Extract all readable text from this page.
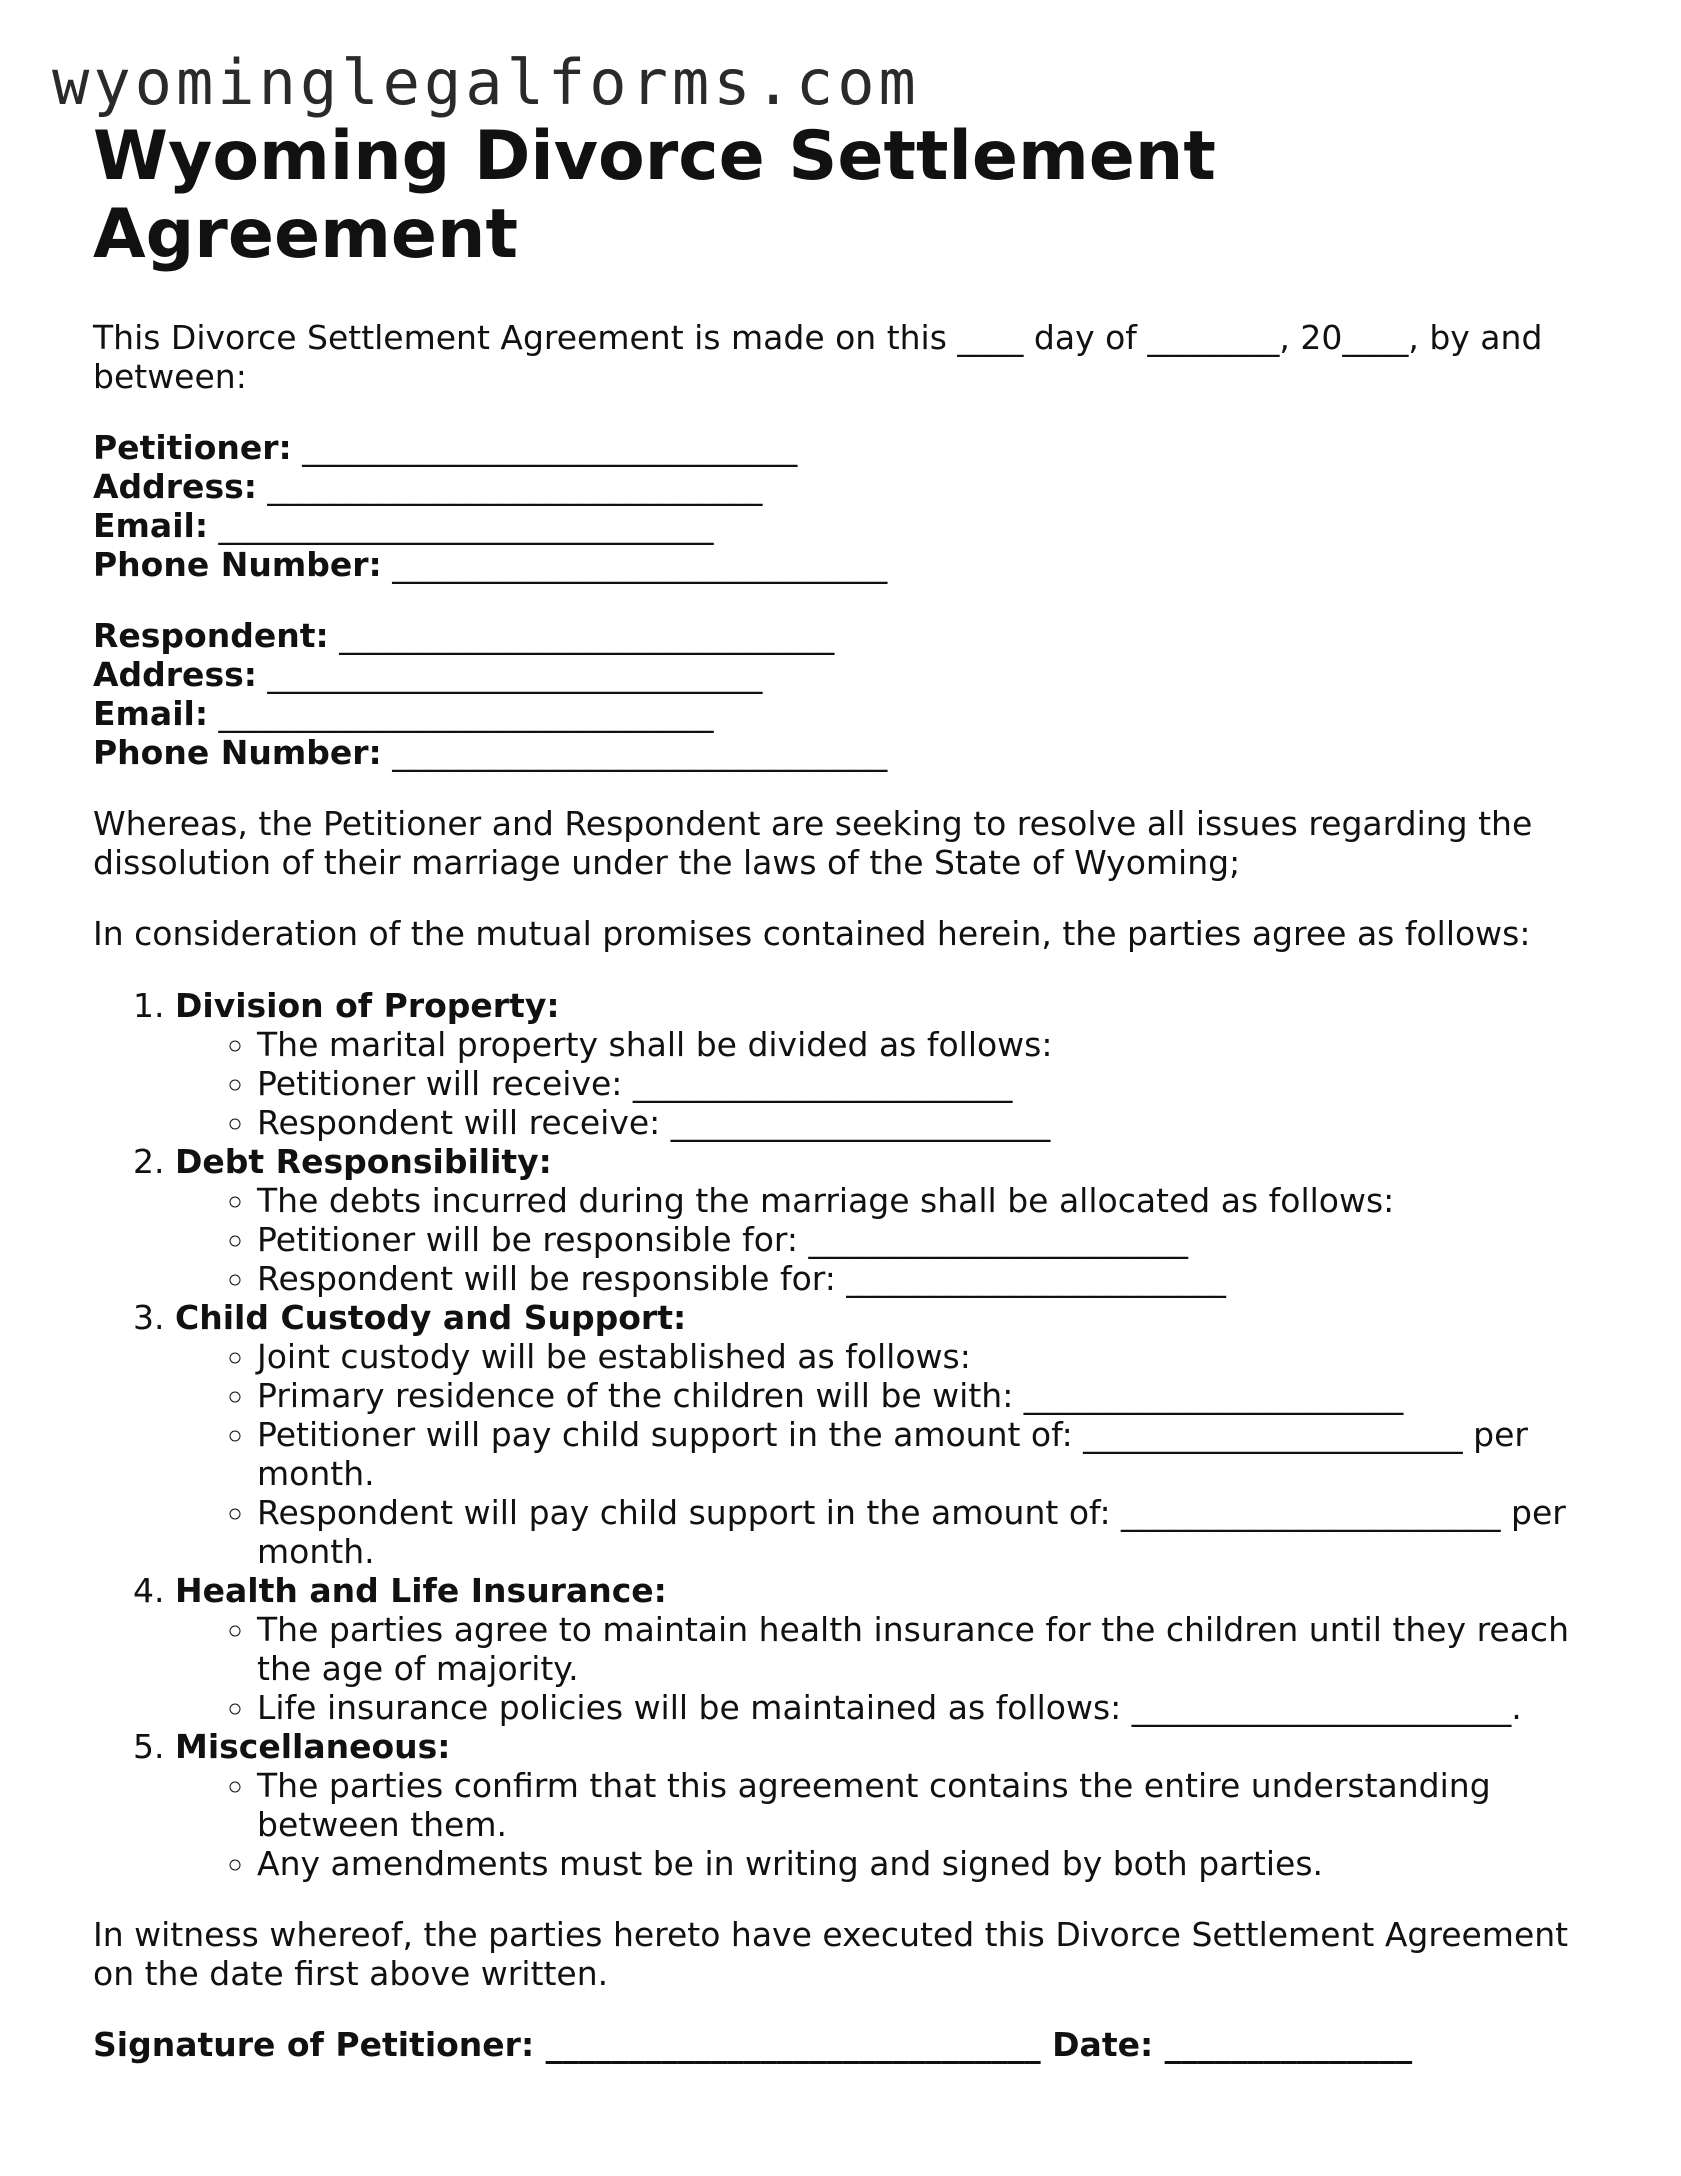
wyominglegalforms.com
Wyoming Divorce Settlement Agreement

This Divorce Settlement Agreement is made on this ____ day of ________, 20____, by and between:

Petitioner: ______________________________
Address: ______________________________
Email: ______________________________
Phone Number: ______________________________
Respondent: ______________________________
Address: ______________________________
Email: ______________________________
Phone Number: ______________________________

Whereas, the Petitioner and Respondent are seeking to resolve all issues regarding the dissolution of their marriage under the laws of the State of Wyoming;

In consideration of the mutual promises contained herein, the parties agree as follows:

1. Division of Property:
◦ The marital property shall be divided as follows:
◦ Petitioner will receive: _______________________
◦ Respondent will receive: _______________________
2. Debt Responsibility:
◦ The debts incurred during the marriage shall be allocated as follows:
◦ Petitioner will be responsible for: _______________________
◦ Respondent will be responsible for: _______________________
3. Child Custody and Support:
◦ Joint custody will be established as follows:
◦ Primary residence of the children will be with: _______________________
◦ Petitioner will pay child support in the amount of: _______________________ per month.
◦ Respondent will pay child support in the amount of: _______________________ per month.
4. Health and Life Insurance:
◦ The parties agree to maintain health insurance for the children until they reach the age of majority.
◦ Life insurance policies will be maintained as follows: _______________________.
5. Miscellaneous:
◦ The parties confirm that this agreement contains the entire understanding between them.
◦ Any amendments must be in writing and signed by both parties.

In witness whereof, the parties hereto have executed this Divorce Settlement Agreement on the date first above written.

Signature of Petitioner: ______________________________ Date: _______________
